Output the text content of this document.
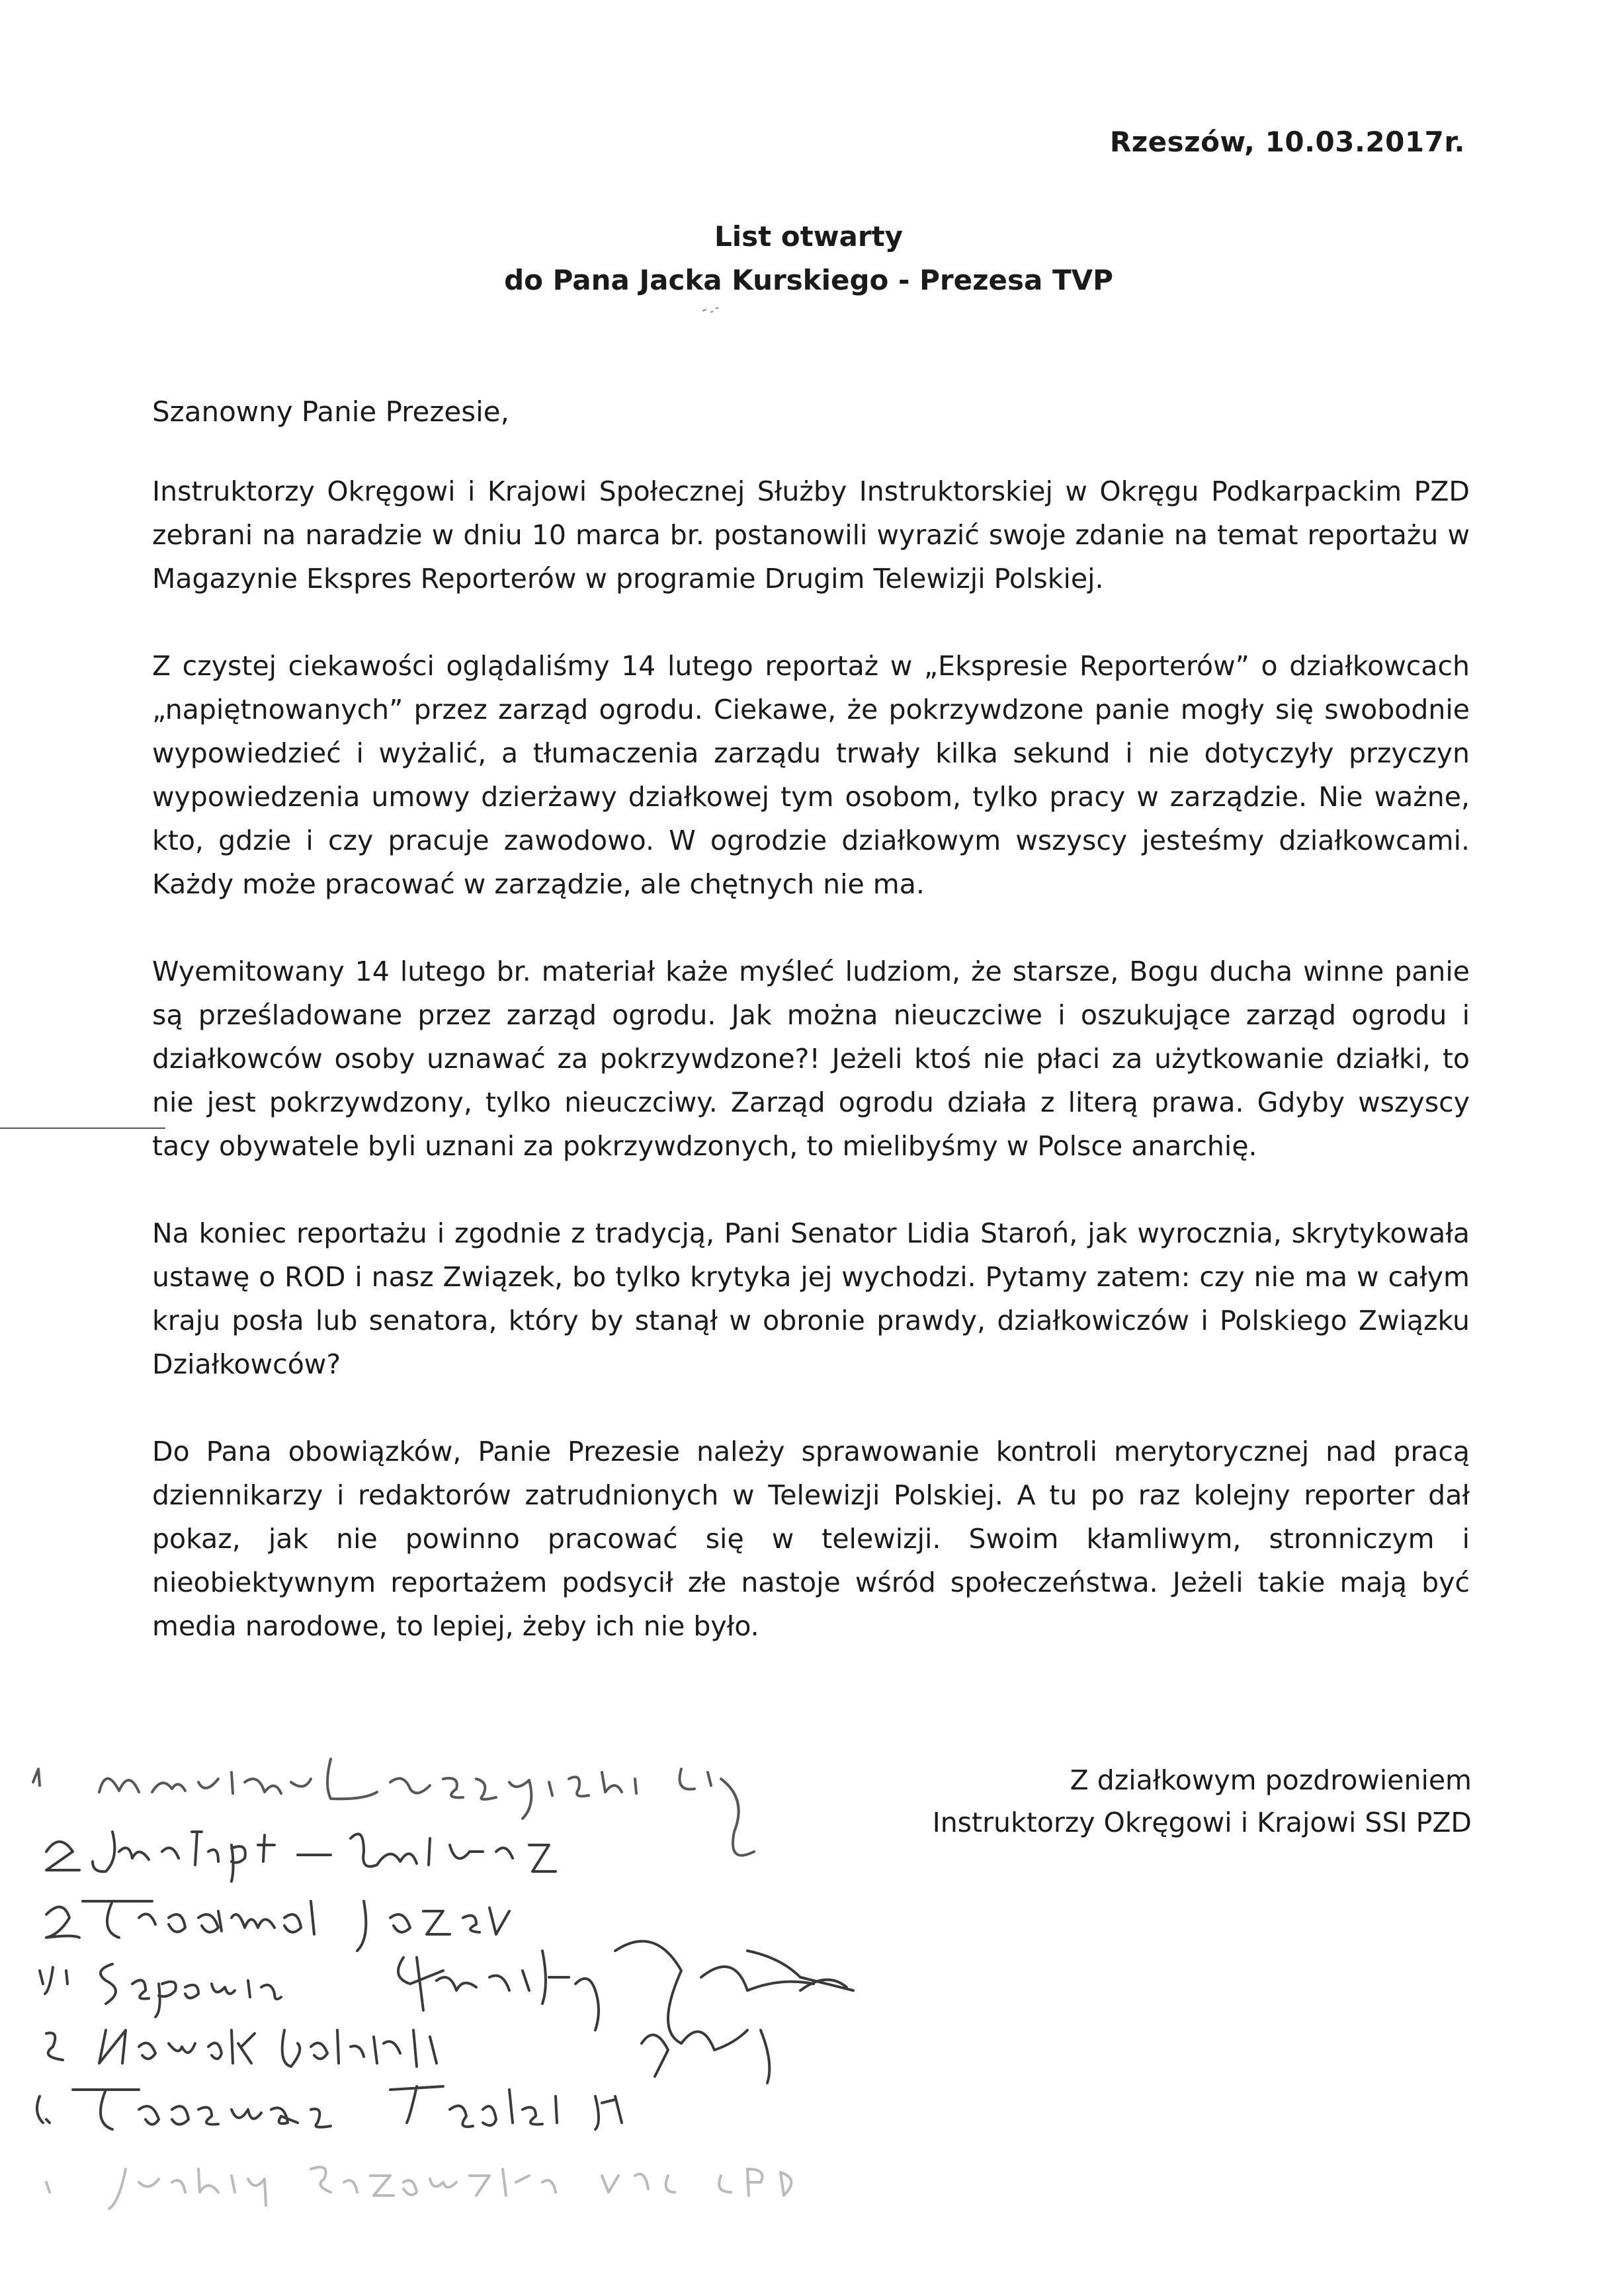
Rzeszów, 10.03.2017r.
List otwarty
do Pana Jacka Kurskiego - Prezesa TVP
Szanowny Panie Prezesie,

Instruktorzy Okręgowi i Krajowi Społecznej Służby Instruktorskiej w Okręgu Podkarpackim PZD zebrani na naradzie w dniu 10 marca br. postanowili wyrazić swoje zdanie na temat reportażu w Magazynie Ekspres Reporterów w programie Drugim Telewizji Polskiej.

Z czystej ciekawości oglądaliśmy 14 lutego reportaż w „Ekspresie Reporterów” o działkowcach „napiętnowanych” przez zarząd ogrodu. Ciekawe, że pokrzywdzone panie mogły się swobodnie wypowiedzieć i wyżalić, a tłumaczenia zarządu trwały kilka sekund i nie dotyczyły przyczyn wypowiedzenia umowy dzierżawy działkowej tym osobom, tylko pracy w zarządzie. Nie ważne, kto, gdzie i czy pracuje zawodowo. W ogrodzie działkowym wszyscy jesteśmy działkowcami. Każdy może pracować w zarządzie, ale chętnych nie ma.

Wyemitowany 14 lutego br. materiał każe myśleć ludziom, że starsze, Bogu ducha winne panie są prześladowane przez zarząd ogrodu. Jak można nieuczciwe i oszukujące zarząd ogrodu i działkowców osoby uznawać za pokrzywdzone?! Jeżeli ktoś nie płaci za użytkowanie działki, to nie jest pokrzywdzony, tylko nieuczciwy. Zarząd ogrodu działa z literą prawa. Gdyby wszyscy tacy obywatele byli uznani za pokrzywdzonych, to mielibyśmy w Polsce anarchię.

Na koniec reportażu i zgodnie z tradycją, Pani Senator Lidia Staroń, jak wyrocznia, skrytykowała ustawę o ROD i nasz Związek, bo tylko krytyka jej wychodzi. Pytamy zatem: czy nie ma w całym kraju posła lub senatora, który by stanął w obronie prawdy, działkowiczów i Polskiego Związku Działkowców?

Do Pana obowiązków, Panie Prezesie należy sprawowanie kontroli merytorycznej nad pracą dziennikarzy i redaktorów zatrudnionych w Telewizji Polskiej. A tu po raz kolejny reporter dał pokaz, jak nie powinno pracować się w telewizji. Swoim kłamliwym, stronniczym i nieobiektywnym reportażem podsycił złe nastoje wśród społeczeństwa. Jeżeli takie mają być media narodowe, to lepiej, żeby ich nie było.

Z działkowym pozdrowieniem
Instruktorzy Okręgowi i Krajowi SSI PZD
